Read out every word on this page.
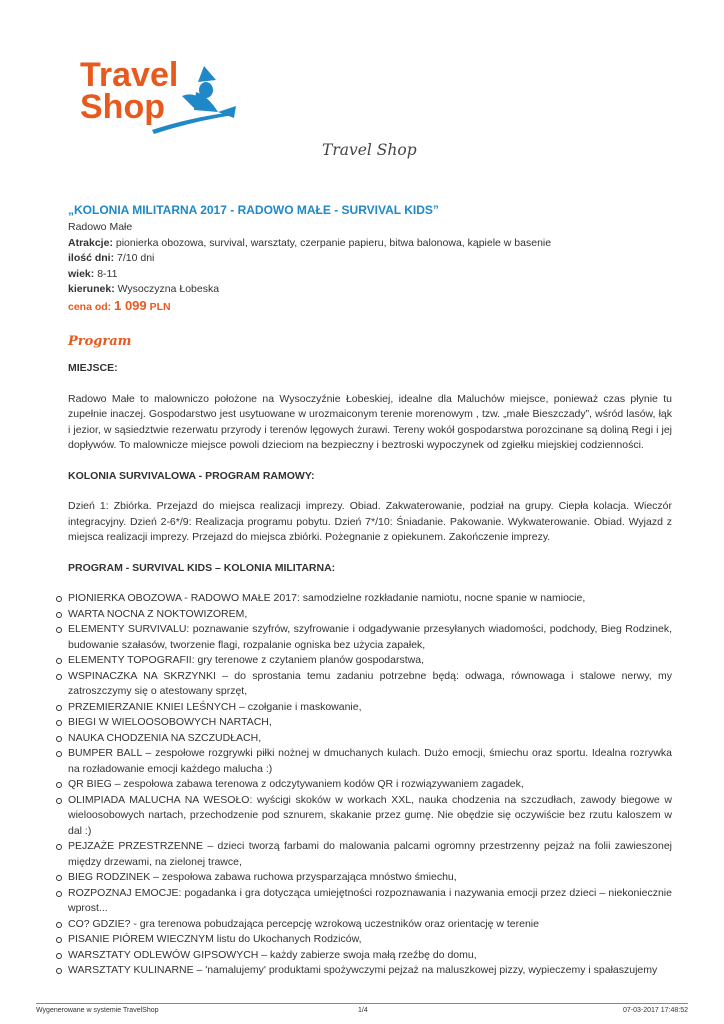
Travel
Shop
Travel Shop
„KOLONIA MILITARNA 2017 - RADOWO MAŁE - SURVIVAL KIDS”
Radowo Małe
Atrakcje: pionierka obozowa, survival, warsztaty, czerpanie papieru, bitwa balonowa, kąpiele w basenie
ilość dni: 7/10 dni
wiek: 8-11
kierunek: Wysoczyzna Łobeska
cena od: 1 099 PLN
Program
MIEJSCE:
Radowo Małe to malowniczo położone na Wysoczyźnie Łobeskiej, idealne dla Maluchów miejsce, ponieważ czas płynie tu zupełnie inaczej. Gospodarstwo jest usytuowane w urozmaiconym terenie morenowym , tzw. „małe Bieszczady”, wśród lasów, łąk i jezior, w sąsiedztwie rezerwatu przyrody i terenów lęgowych żurawi. Tereny wokół gospodarstwa porozcinane są doliną Regi i jej dopływów. To malownicze miejsce powoli dzieciom na bezpieczny i beztroski wypoczynek od zgiełku miejskiej codzienności.
KOLONIA SURVIVALOWA - PROGRAM RAMOWY:
Dzień 1: Zbiórka. Przejazd do miejsca realizacji imprezy. Obiad. Zakwaterowanie, podział na grupy. Ciepła kolacja. Wieczór integracyjny. Dzień 2-6*/9: Realizacja programu pobytu. Dzień 7*/10: Śniadanie. Pakowanie. Wykwaterowanie. Obiad. Wyjazd z miejsca realizacji imprezy. Przejazd do miejsca zbiórki. Pożegnanie z opiekunem. Zakończenie imprezy.
PROGRAM - SURVIVAL KIDS – KOLONIA MILITARNA:
PIONIERKA OBOZOWA - RADOWO MAŁE 2017: samodzielne rozkładanie namiotu, nocne spanie w namiocie,
WARTA NOCNA Z NOKTOWIZOREM,
ELEMENTY SURVIVALU: poznawanie szyfrów, szyfrowanie i odgadywanie przesyłanych wiadomości, podchody, Bieg Rodzinek, budowanie szałasów, tworzenie flagi, rozpalanie ogniska bez użycia zapałek,
ELEMENTY TOPOGRAFII: gry terenowe z czytaniem planów gospodarstwa,
WSPINACZKA NA SKRZYNKI – do sprostania temu zadaniu potrzebne będą: odwaga, równowaga i stalowe nerwy, my zatroszczymy się o atestowany sprzęt,
PRZEMIERZANIE KNIEI LEŚNYCH – czołganie i maskowanie,
BIEGI W WIELOOSOBOWYCH NARTACH,
NAUKA CHODZENIA NA SZCZUDŁACH,
BUMPER BALL – zespołowe rozgrywki piłki nożnej w dmuchanych kulach. Dużo emocji, śmiechu oraz sportu. Idealna rozrywka na rozładowanie emocji każdego malucha :)
QR BIEG – zespołowa zabawa terenowa z odczytywaniem kodów QR i rozwiązywaniem zagadek,
OLIMPIADA MALUCHA NA WESOŁO: wyścigi skoków w workach XXL, nauka chodzenia na szczudłach, zawody biegowe w wieloosobowych nartach, przechodzenie pod sznurem, skakanie przez gumę. Nie obędzie się oczywiście bez rzutu kaloszem w dal :)
PEJZAŻE PRZESTRZENNE – dzieci tworzą farbami do malowania palcami ogromny przestrzenny pejzaż na folii zawieszonej między drzewami, na zielonej trawce,
BIEG RODZINEK – zespołowa zabawa ruchowa przysparzająca mnóstwo śmiechu,
ROZPOZNAJ EMOCJE: pogadanka i gra dotycząca umiejętności rozpoznawania i nazywania emocji przez dzieci – niekoniecznie wprost...
CO? GDZIE? - gra terenowa pobudzająca percepcję wzrokową uczestników oraz orientację w terenie
PISANIE PIÓREM WIECZNYM listu do Ukochanych Rodziców,
WARSZTATY ODLEWÓW GIPSOWYCH – każdy zabierze swoja małą rzeźbę do domu,
WARSZTATY KULINARNE – 'namalujemy' produktami spożywczymi pejzaż na maluszkowej pizzy, wypieczemy i spałaszujemy
Wygenerowane w systemie TravelShop	1/4	07-03-2017 17:48:52
